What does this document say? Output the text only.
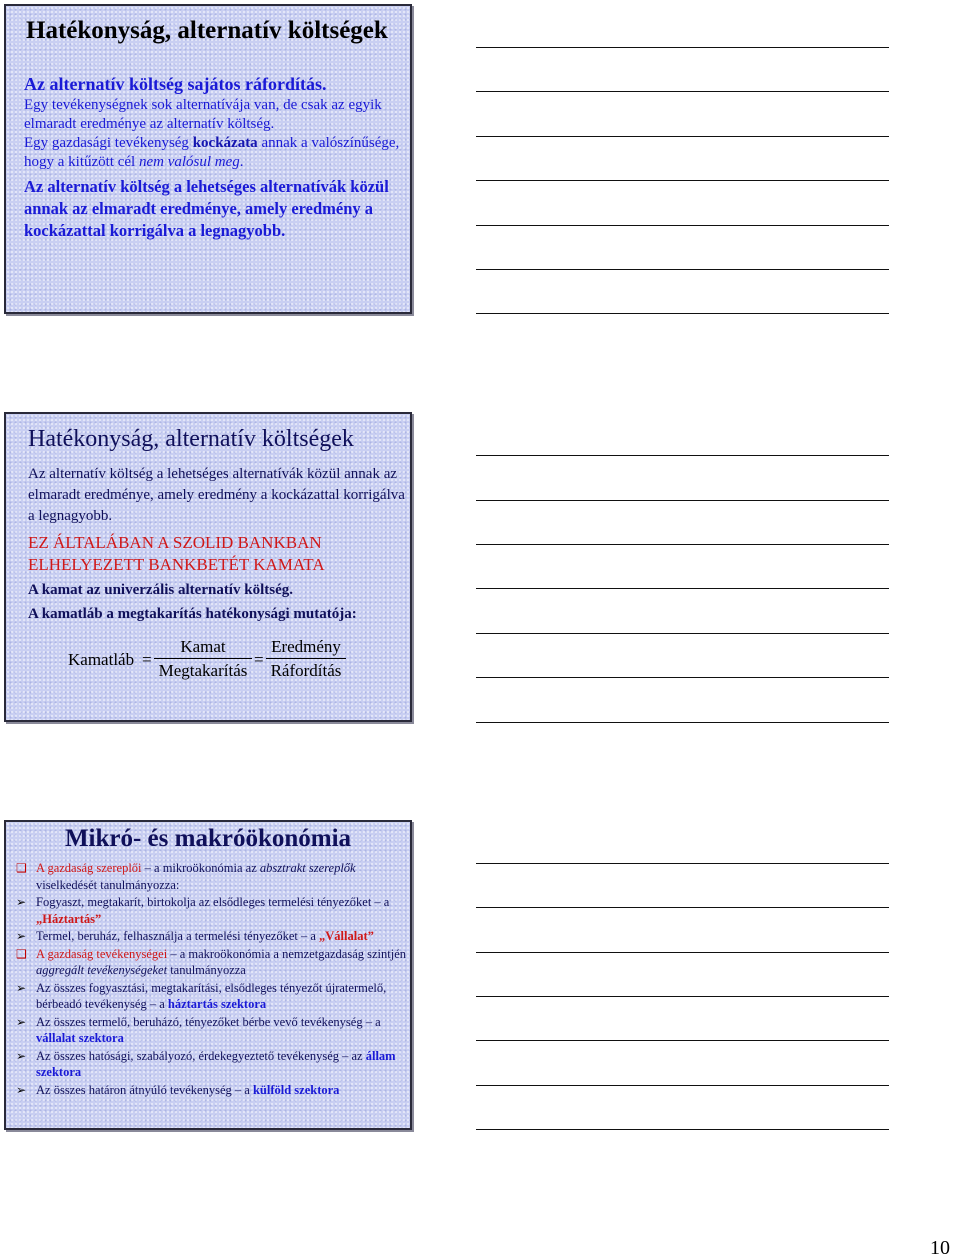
Hatékonyság, alternatív költségek

Az alternatív költség sajátos ráfordítás.

Egy tevékenységnek sok alternatívája van, de csak az egyik elmaradt eredménye az alternatív költség.

Egy gazdasági tevékenység kockázata annak a valószínűsége, hogy a kitűzött cél nem valósul meg.

Az alternatív költség a lehetséges alternatívák közül annak az elmaradt eredménye, amely eredmény a kockázattal korrigálva a legnagyobb.

Hatékonyság, alternatív költségek

Az alternatív költség a lehetséges alternatívák közül annak az elmaradt eredménye, amely eredmény a kockázattal korrigálva a legnagyobb.

EZ ÁLTALÁBAN A SZOLID BANKBAN ELHELYEZETT BANKBETÉT KAMATA

A kamat az univerzális alternatív költség.

A kamatláb a megtakarítás hatékonysági mutatója:

Kamatláb =
Kamat
Megtakarítás
=
Eredmény
Ráfordítás
Mikró- és makróökonómia
❑ A gazdaság szereplői – a mikroökonómia az absztrakt szereplők viselkedését tanulmányozza:
➢ Fogyaszt, megtakarít, birtokolja az elsődleges termelési tényezőket – a „Háztartás”
➢ Termel, beruház, felhasználja a termelési tényezőket – a „Vállalat”
❑ A gazdaság tevékenységei – a makroökonómia a nemzetgazdaság szintjén aggregált tevékenységeket tanulmányozza
➢ Az összes fogyasztási, megtakarítási, elsődleges tényezőt újratermelő, bérbeadó tevékenység – a háztartás szektora
➢ Az összes termelő, beruházó, tényezőket bérbe vevő tevékenység – a vállalat szektora
➢ Az összes hatósági, szabályozó, érdekegyeztető tevékenység – az állam szektora
➢ Az összes határon átnyúló tevékenység – a külföld szektora
10
